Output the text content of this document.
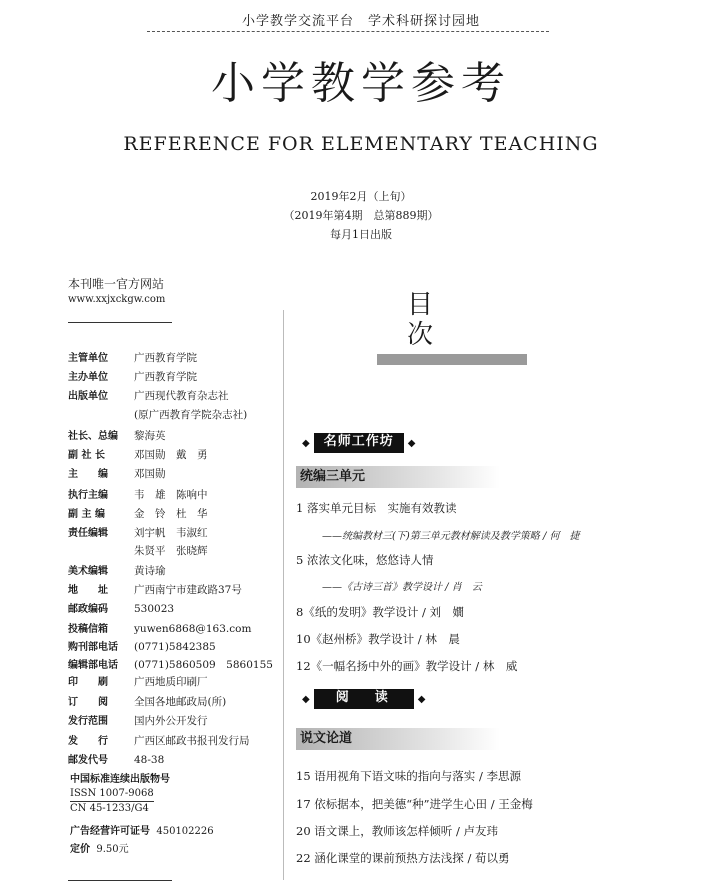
小学教学交流平台　学术科研探讨园地
小学教学参考
REFERENCE FOR ELEMENTARY TEACHING
2019年2月（上旬）
（2019年第4期　总第889期）
每月1日出版
本刊唯一官方网站
www.xxjxckgw.com
主管单位 广西教育学院
主办单位 广西教育学院
出版单位 广西现代教育杂志社
(原广西教育学院杂志社)
社长、总编 黎海英
副 社 长	邓国勋　戴　勇
主　　编 邓国勋
执行主编 韦　雄　陈响中
副 主 编	金　铃　杜　华
责任编辑 刘宇帆　韦淑红
朱贤平　张晓辉
美术编辑 黄诗瑜
地　　址 广西南宁市建政路37号
邮政编码 530023
投稿信箱 yuwen6868@163.com
购刊部电话 (0771)5842385
编辑部电话 (0771)5860509　5860155
印　　刷 广西地质印刷厂
订　　阅 全国各地邮政局(所)
发行范围 国内外公开发行
发　　行 广西区邮政书报刊发行局
邮发代号 48-38
中国标准连续出版物号
ISSN 1007-9068
CN 45-1233/G4
广告经营许可证号 450102226
定价 9.50元
目　次
◆	名师工作坊	◆
统编三单元
1 落实单元目标　实施有效教读
——统编教材三(下)第三单元教材解读及教学策略 / 何　捷
5 浓浓文化味，悠悠诗人情
——《古诗三首》教学设计 / 肖　云
8《纸的发明》教学设计 / 刘　嫺
10《赵州桥》教学设计 / 林　晨
12《一幅名扬中外的画》教学设计 / 林　威
◆	阅读 ◆
说文论道
15 语用视角下语文味的指向与落实 / 李思源
17 依标据本，把美德“种”进学生心田 / 王金梅
20 语文课上，教师该怎样倾听 / 卢友玮
22 涵化课堂的课前预热方法浅探 / 荀以勇
